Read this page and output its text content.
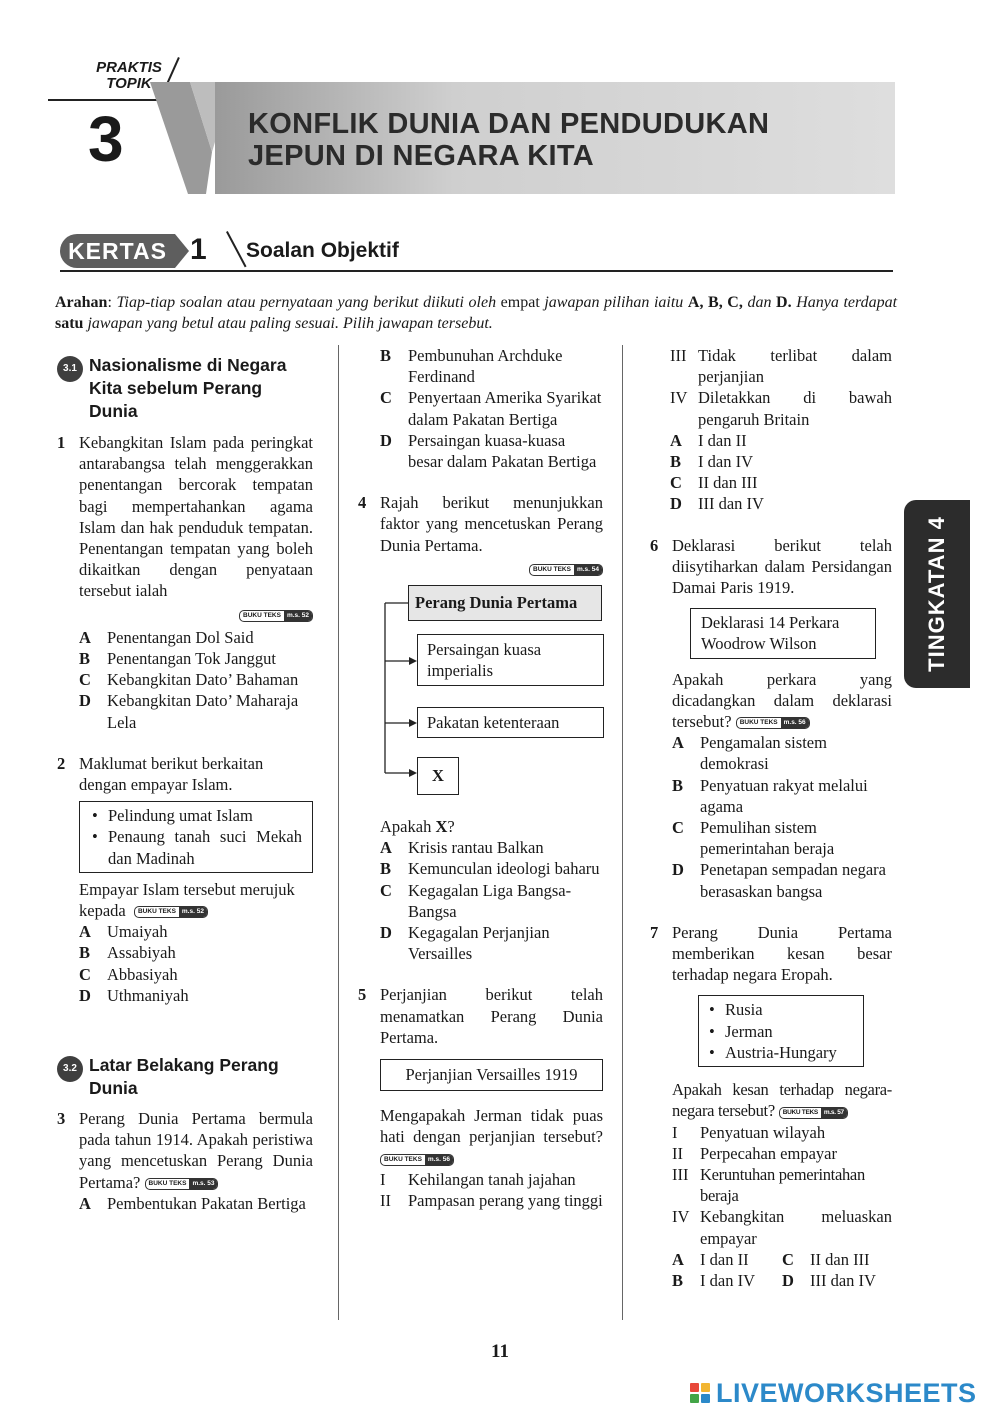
PRAKTIS
TOPIK
3	KONFLIK DUNIA DAN PENDUDUKAN
JEPUN DI NEGARA KITA
KERTAS 1 Soalan Objektif
Arahan: Tiap-tiap soalan atau pernyataan yang berikut diikuti oleh empat jawapan pilihan iaitu A, B, C, dan D. Hanya terdapat satu jawapan yang betul atau paling sesuai. Pilih jawapan tersebut.
3.1 Nasionalisme di Negara Kita sebelum Perang Dunia
1 Kebangkitan Islam pada peringkat antarabangsa telah menggerakkan penentangan bercorak tempatan bagi mempertahankan agama Islam dan hak penduduk tempatan. Penentangan tempatan yang boleh dikaitkan dengan penyataan tersebut ialah
BUKU TEKS m.s. 52
A Penentangan Dol Said
B	Penentangan Tok Janggut
C Kebangkitan Dato’ Bahaman
D Kebangkitan Dato’ Maharaja Lela
2 Maklumat berikut berkaitan dengan empayar Islam.
• Pelindung umat Islam
• Penaung tanah suci Mekah dan Madinah
Empayar Islam tersebut merujuk kepada	BUKU TEKS m.s. 52
A Umaiyah
B	Assabiyah
C Abbasiyah
D Uthmaniyah
3.2 Latar Belakang Perang Dunia
3 Perang Dunia Pertama bermula pada tahun 1914. Apakah peristiwa yang mencetuskan Perang Dunia Pertama?	BUKU TEKS m.s. 53
A Pembentukan Pakatan Bertiga
B	Pembunuhan Archduke Ferdinand
C Penyertaan Amerika Syarikat dalam Pakatan Bertiga
D Persaingan kuasa-kuasa besar dalam Pakatan Bertiga
4 Rajah berikut menunjukkan faktor yang mencetuskan Perang Dunia Pertama.
BUKU TEKS m.s. 54
Perang Dunia Pertama
Persaingan kuasa imperialis
Pakatan ketenteraan
X
Apakah X?
A Krisis rantau Balkan
B	Kemunculan ideologi baharu
C Kegagalan Liga Bangsa-Bangsa
D Kegagalan Perjanjian Versailles
5 Perjanjian berikut telah menamatkan Perang Dunia Pertama.
Perjanjian Versailles 1919
Mengapakah Jerman tidak puas hati dengan perjanjian tersebut?
BUKU TEKS m.s. 56
I	Kehilangan tanah jajahan
II	Pampasan perang yang tinggi
III Tidak terlibat dalam perjanjian
IV Diletakkan di bawah pengaruh Britain
A I dan II
B	I dan IV
C II dan III
D III dan IV
6 Deklarasi berikut telah diisytiharkan dalam Persidangan Damai Paris 1919.
Deklarasi 14 Perkara Woodrow Wilson
Apakah perkara yang dicadangkan dalam deklarasi tersebut?	BUKU TEKS m.s. 56
A Pengamalan sistem demokrasi
B	Penyatuan rakyat melalui agama
C Pemulihan sistem pemerintahan beraja
D Penetapan sempadan negara berasaskan bangsa
7 Perang Dunia Pertama memberikan kesan besar terhadap negara Eropah.
• Rusia
• Jerman
• Austria-Hungary
Apakah kesan terhadap negara-negara tersebut?	BUKU TEKS m.s. 57
I	Penyatuan wilayah
II	Perpecahan empayar
III Keruntuhan pemerintahan beraja
IV Kebangkitan meluaskan empayar
A I dan II	C II dan III
B	I dan IV	D III dan IV
TINGKATAN 4
11
LIVEWORKSHEETS
